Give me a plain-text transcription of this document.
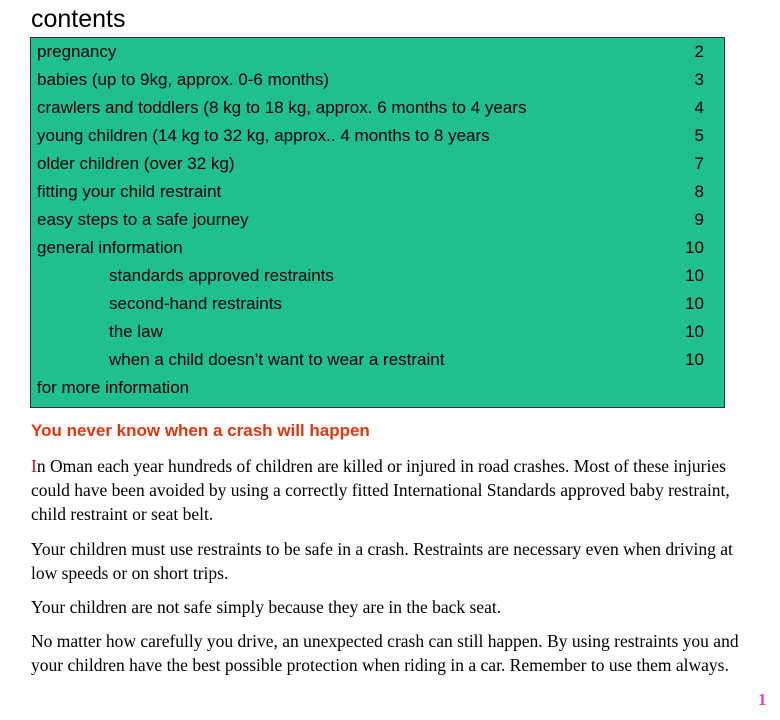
contents
pregnancy	2
babies (up to 9kg, approx. 0-6 months)	3
crawlers and toddlers (8 kg to 18 kg, approx. 6 months to 4 years	4
young children (14 kg to 32 kg, approx.. 4 months to 8 years	5
older children (over 32 kg)	7
fitting your child restraint	8
easy steps to a safe journey	9
general information	10
standards approved restraints	10
second-hand restraints	10
the law	10
when a child doesn’t want to wear a restraint	10
for more information
You never know when a crash will happen

In Oman each year hundreds of children are killed or injured in road crashes. Most of these injuries could have been avoided by using a correctly fitted International Standards approved baby restraint, child restraint or seat belt.

Your children must use restraints to be safe in a crash. Restraints are necessary even when driving at low speeds or on short trips.

Your children are not safe simply because they are in the back seat.

No matter how carefully you drive, an unexpected crash can still happen. By using restraints you and your children have the best possible protection when riding in a car. Remember to use them always.

1
